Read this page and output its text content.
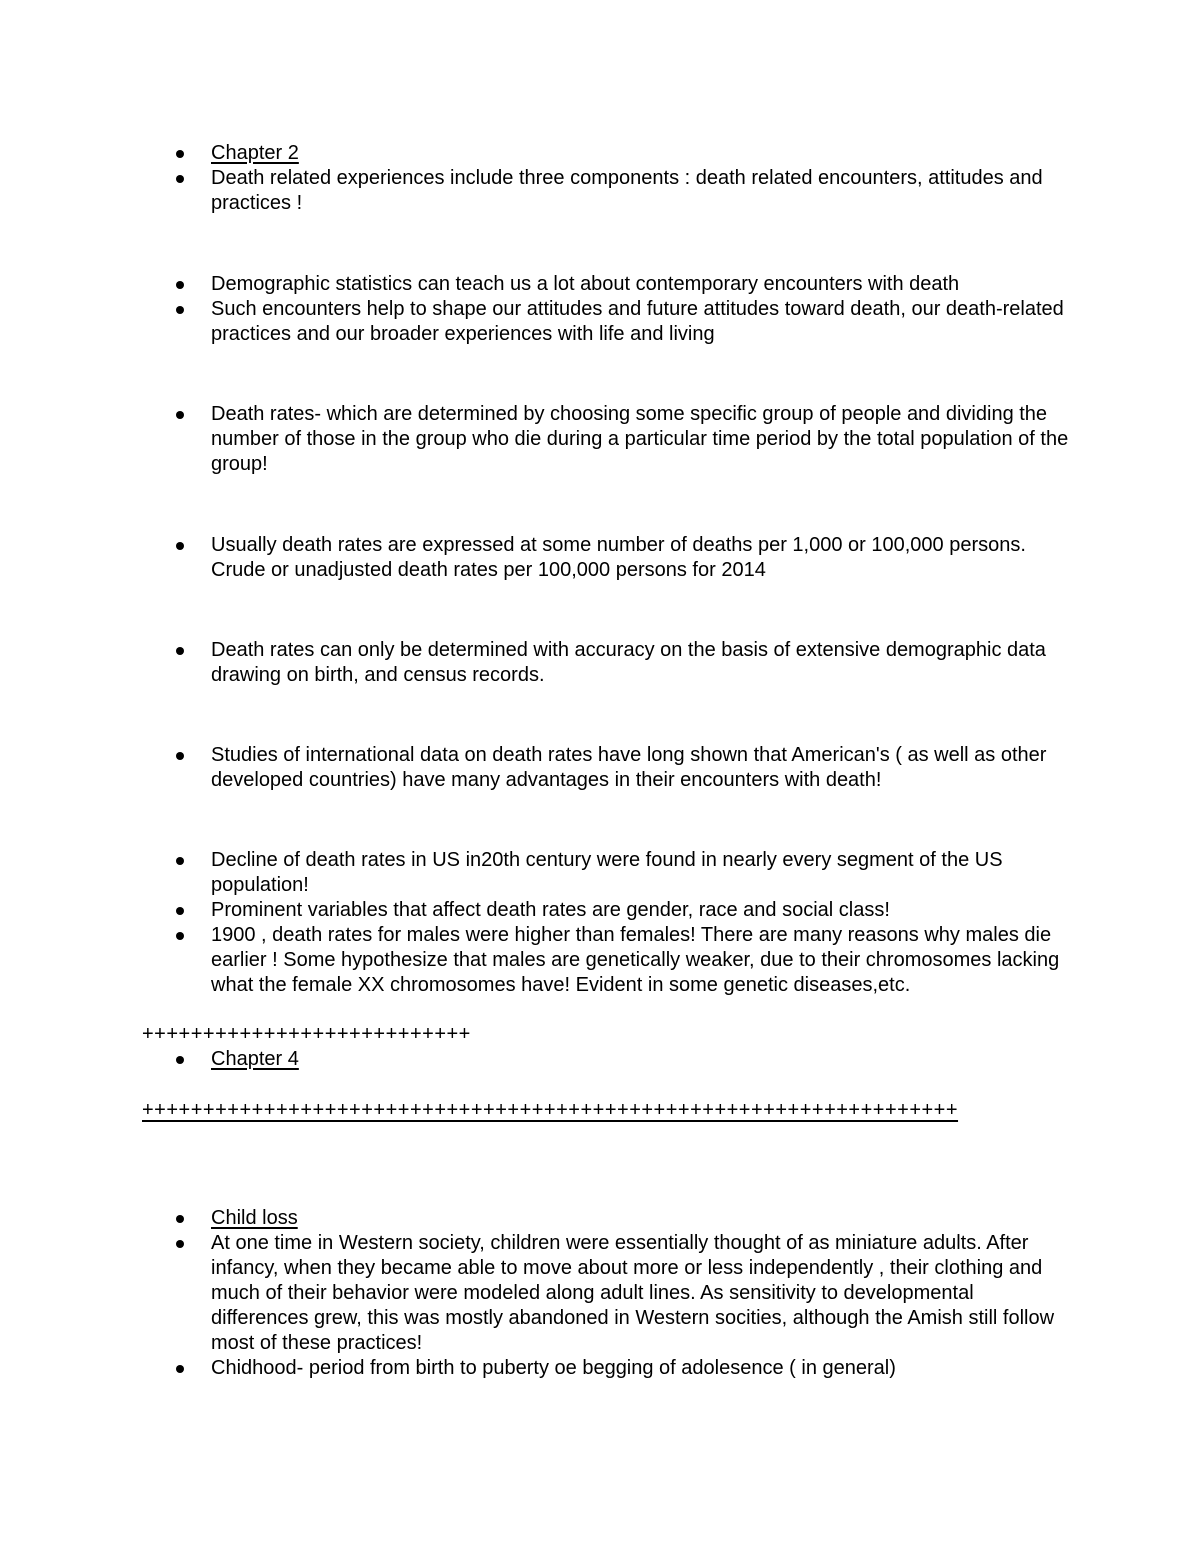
Chapter 2
Death related experiences include three components : death related encounters, attitudes and practices !
Demographic statistics can teach us a lot about contemporary encounters with death
Such encounters help to shape our attitudes and future attitudes toward death, our death-related practices and our broader experiences with life and living
Death rates- which are determined by choosing some specific group of people and dividing the number of those in the group who die during a particular time period by the total population of the group!
Usually death rates are expressed at some number of deaths per 1,000 or 100,000 persons. Crude or unadjusted death rates per 100,000 persons for 2014
Death rates can only be determined with accuracy on the basis of extensive demographic data drawing on birth, and census records.
Studies of international data on death rates have long shown that American's ( as well as other developed countries) have many advantages in their encounters with death!
Decline of death rates in US in20th century were found in nearly every segment of the US population!
Prominent variables that affect death rates are gender, race and social class!
1900 , death rates for males were higher than females! There are many reasons why males die earlier ! Some hypothesize that males are genetically weaker, due to their chromosomes lacking what the female XX chromosomes have! Evident in some genetic diseases,etc.
+++++++++++++++++++++++++++
Chapter 4
+++++++++++++++++++++++++++++++++++++++++++++++++++++++++++++++++++
Child loss
At one time in Western society, children were essentially thought of as miniature adults. After infancy, when they became able to move about more or less independently , their clothing and much of their behavior were modeled along adult lines. As sensitivity to developmental differences grew, this was mostly abandoned in Western socities, although the Amish still follow most of these practices!
Chidhood- period from birth to puberty oe begging of adolesence ( in general)
